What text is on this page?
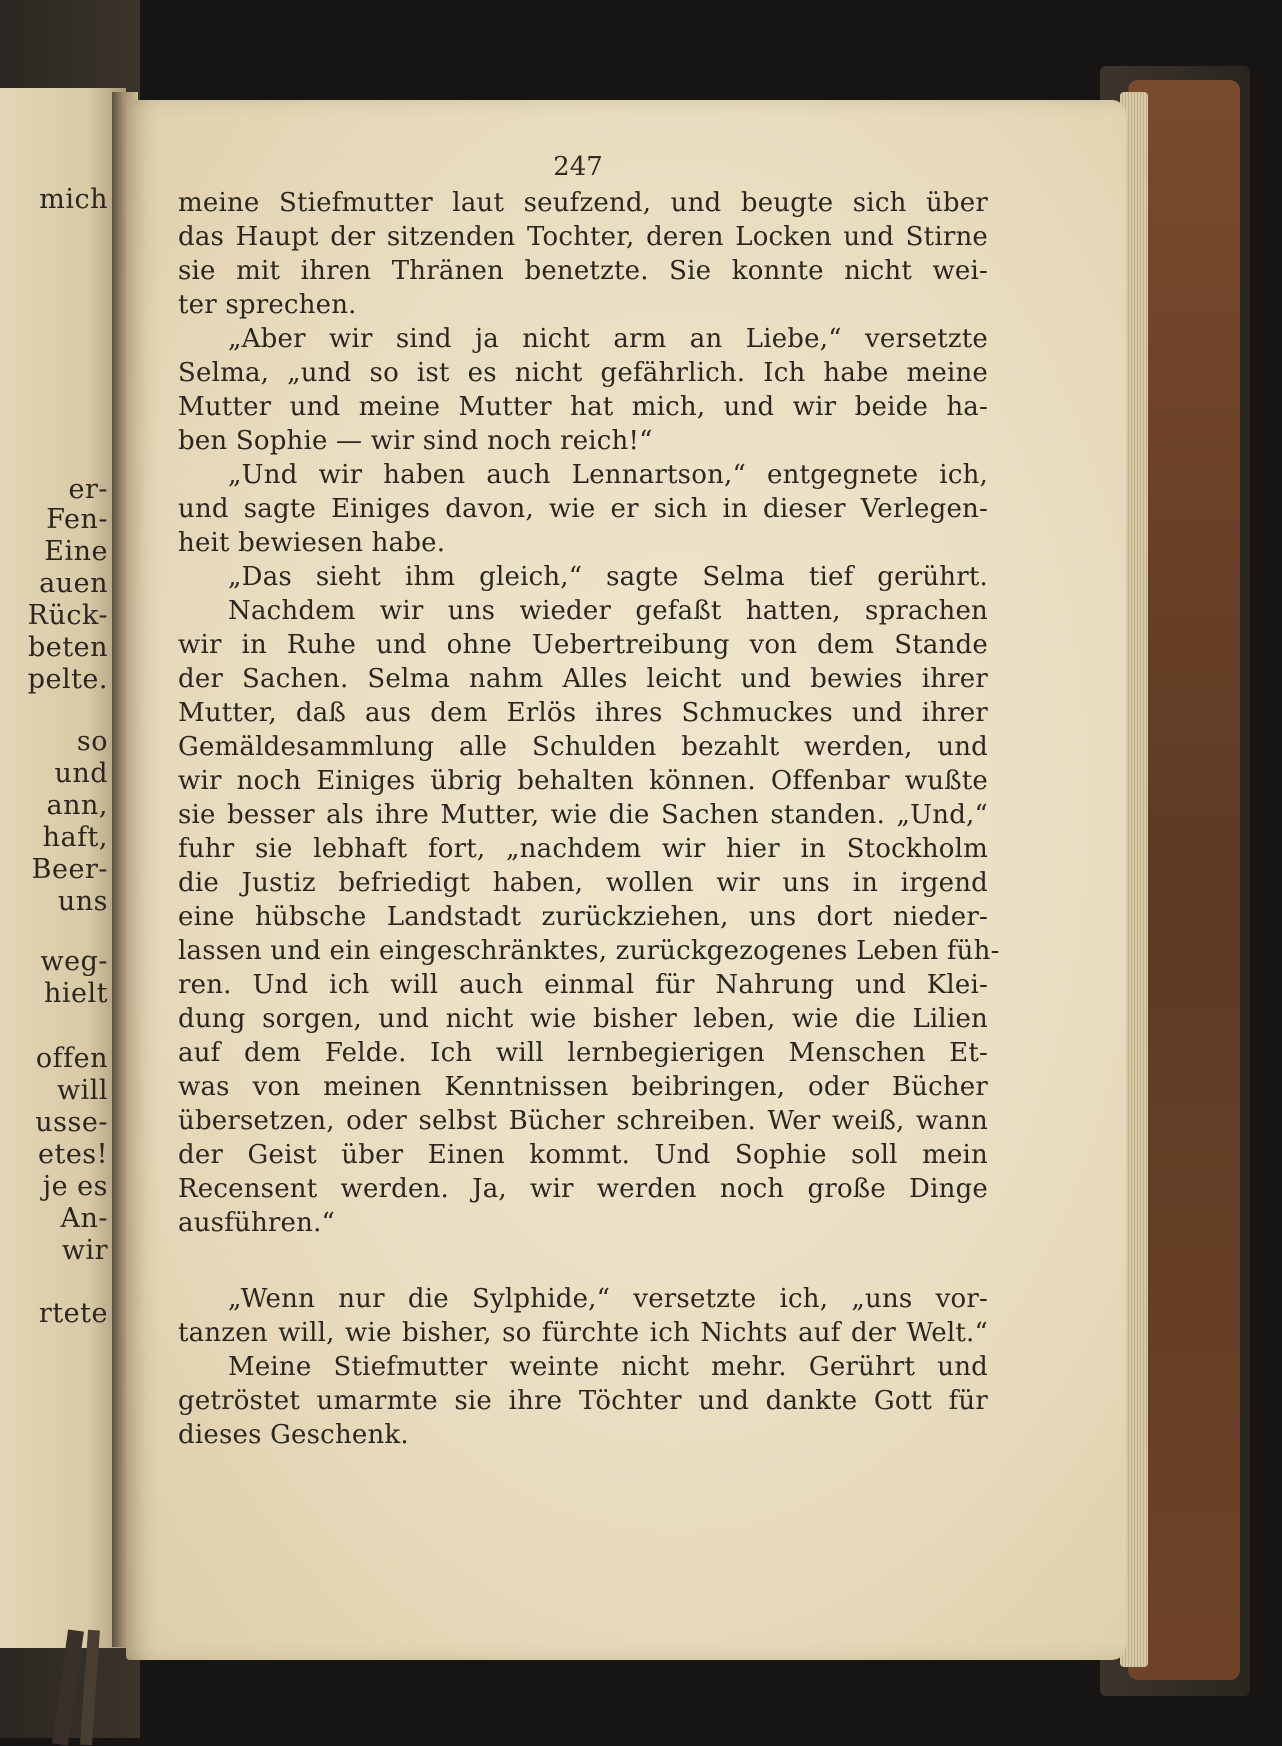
mich
er-
Fen-
Eine
auen
Rück-
beten
pelte.
so
und
ann,
haft,
Beer-
uns
weg-
hielt
offen
will
usse-
etes!
je es
An-
wir
rtete
247
meine Stiefmutter laut seufzend, und beugte sich über
das Haupt der sitzenden Tochter, deren Locken und Stirne
sie mit ihren Thränen benetzte. Sie konnte nicht wei-
ter sprechen.
„Aber wir sind ja nicht arm an Liebe,“ versetzte
Selma, „und so ist es nicht gefährlich. Ich habe meine
Mutter und meine Mutter hat mich, und wir beide ha-
ben Sophie — wir sind noch reich!“
„Und wir haben auch Lennartson,“ entgegnete ich,
und sagte Einiges davon, wie er sich in dieser Verlegen-
heit bewiesen habe.
„Das sieht ihm gleich,“ sagte Selma tief gerührt.
Nachdem wir uns wieder gefaßt hatten, sprachen
wir in Ruhe und ohne Uebertreibung von dem Stande
der Sachen. Selma nahm Alles leicht und bewies ihrer
Mutter, daß aus dem Erlös ihres Schmuckes und ihrer
Gemäldesammlung alle Schulden bezahlt werden, und
wir noch Einiges übrig behalten können. Offenbar wußte
sie besser als ihre Mutter, wie die Sachen standen. „Und,“
fuhr sie lebhaft fort, „nachdem wir hier in Stockholm
die Justiz befriedigt haben, wollen wir uns in irgend
eine hübsche Landstadt zurückziehen, uns dort nieder-
lassen und ein eingeschränktes, zurückgezogenes Leben füh-
ren. Und ich will auch einmal für Nahrung und Klei-
dung sorgen, und nicht wie bisher leben, wie die Lilien
auf dem Felde. Ich will lernbegierigen Menschen Et-
was von meinen Kenntnissen beibringen, oder Bücher
übersetzen, oder selbst Bücher schreiben. Wer weiß, wann
der Geist über Einen kommt. Und Sophie soll mein
Recensent werden. Ja, wir werden noch große Dinge
ausführen.“
„Wenn nur die Sylphide,“ versetzte ich, „uns vor-
tanzen will, wie bisher, so fürchte ich Nichts auf der Welt.“
Meine Stiefmutter weinte nicht mehr. Gerührt und
getröstet umarmte sie ihre Töchter und dankte Gott für
dieses Geschenk.
